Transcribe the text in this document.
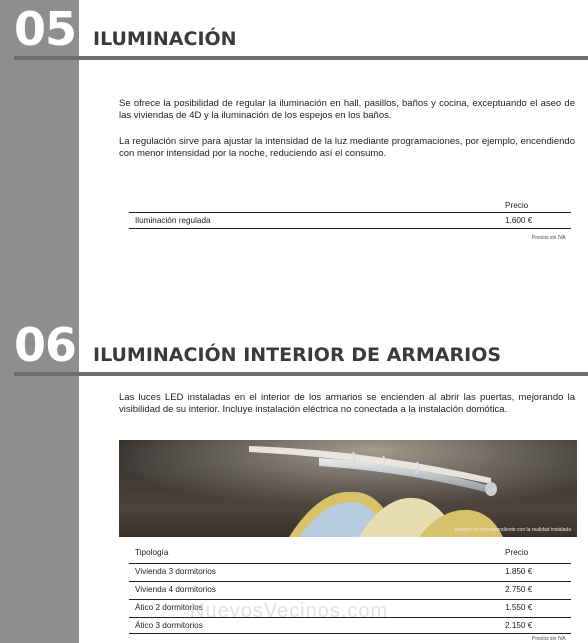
05 ILUMINACIÓN

Se ofrece la posibilidad de regular la iluminación en hall, pasillos, baños y cocina, exceptuando el aseo de las viviendas de 4D y la iluminación de los espejos en los baños.

La regulación sirve para ajustar la intensidad de la luz mediante programaciones, por ejemplo, encendiendo con menor intensidad por la noche, reduciendo así el consumo.

Precio
Iluminación regulada	1.600 €
Precios sin IVA
06 ILUMINACIÓN INTERIOR DE ARMARIOS

Las luces LED instaladas en el interior de los armarios se encienden al abrir las puertas, mejorando la visibilidad de su interior. Incluye instalación eléctrica no conectada a la instalación domótica.

Imagen no correspondiente con la realidad instalada
Tipología	Precio
Vivienda 3 dormitorios	1.850 €
Vivienda 4 dormitorios	2.750 €
Ático 2 dormitorios	1.550 €
Ático 3 dormitorios	2.150 €
Precios sin IVA
NuevosVecinos.com
